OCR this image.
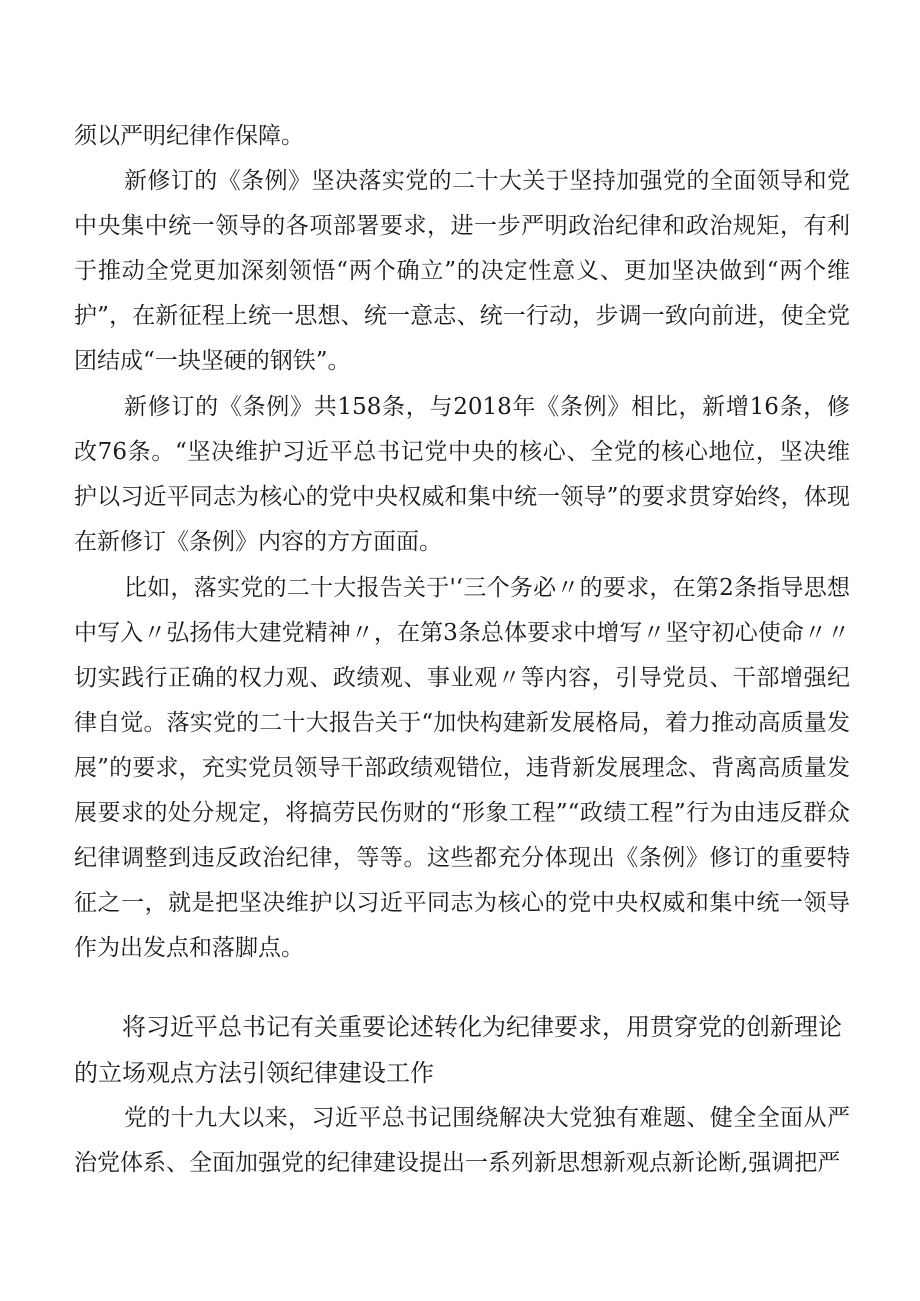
须以严明纪律作保障。

新修订的《条例》坚决落实党的二十大关于坚持加强党的全面领导和党中央集中统一领导的各项部署要求，进一步严明政治纪律和政治规矩，有利于推动全党更加深刻领悟“两个确立”的决定性意义、更加坚决做到“两个维护”，在新征程上统一思想、统一意志、统一行动，步调一致向前进，使全党团结成“一块坚硬的钢铁”。

新修订的《条例》共158条，与2018年《条例》相比，新增16条，修改76条。“坚决维护习近平总书记党中央的核心、全党的核心地位，坚决维护以习近平同志为核心的党中央权威和集中统一领导”的要求贯穿始终，体现在新修订《条例》内容的方方面面。

比如，落实党的二十大报告关于'‘三个务必〃的要求，在第2条指导思想中写入〃弘扬伟大建党精神〃，在第3条总体要求中增写〃坚守初心使命〃〃切实践行正确的权力观、政绩观、事业观〃等内容，引导党员、干部增强纪律自觉。落实党的二十大报告关于“加快构建新发展格局，着力推动高质量发展”的要求，充实党员领导干部政绩观错位，违背新发展理念、背离高质量发展要求的处分规定，将搞劳民伤财的“形象工程”“政绩工程”行为由违反群众纪律调整到违反政治纪律，等等。这些都充分体现出《条例》修订的重要特征之一，就是把坚决维护以习近平同志为核心的党中央权威和集中统一领导作为出发点和落脚点。

将习近平总书记有关重要论述转化为纪律要求，用贯穿党的创新理论的立场观点方法引领纪律建设工作

党的十九大以来，习近平总书记围绕解决大党独有难题、健全全面从严治党体系、全面加强党的纪律建设提出一系列新思想新观点新论断,强调把严
